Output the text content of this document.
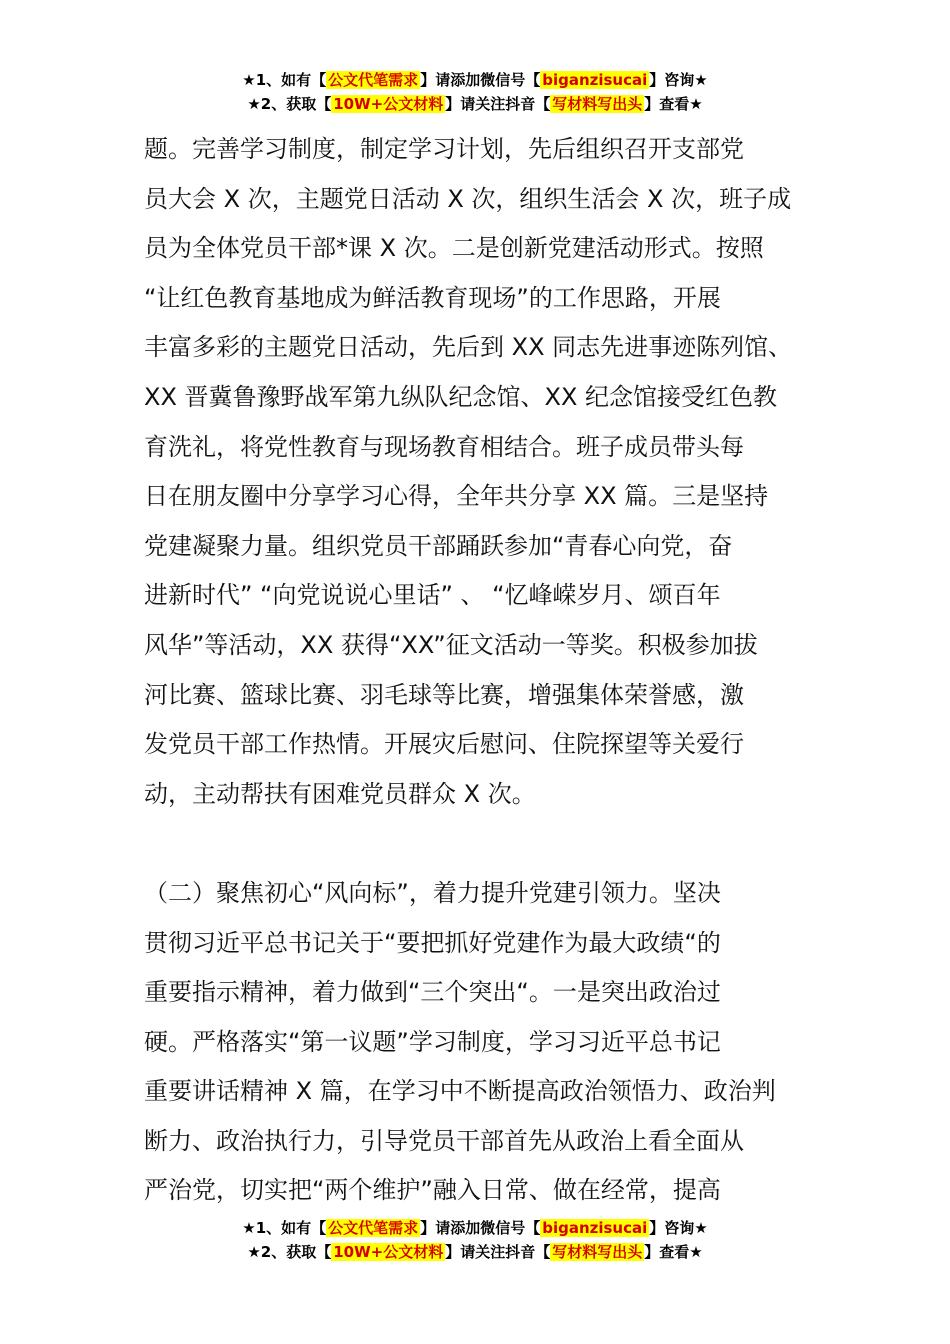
★1、如有【 公文代笔需求 】请添加微信号【 biganzisucai 】咨询★
★2、获取【 10W+公文材料 】请关注抖音【 写材料写出头 】查看★
题。完善学习制度，制定学习计划，先后组织召开支部党
员大会 X 次，主题党日活动 X 次，组织生活会 X 次，班子成
员为全体党员干部*课 X 次。二是创新党建活动形式。按照
“让红色教育基地成为鲜活教育现场”的工作思路，开展
丰富多彩的主题党日活动，先后到 XX 同志先进事迹陈列馆、
XX 晋冀鲁豫野战军第九纵队纪念馆、XX 纪念馆接受红色教
育洗礼，将党性教育与现场教育相结合。班子成员带头每
日在朋友圈中分享学习心得，全年共分享 XX 篇。三是坚持
党建凝聚力量。组织党员干部踊跃参加“青春心向党，奋
进新时代” “向党说说心里话” 、 “忆峰嵘岁月、颂百年
风华”等活动，XX 获得“XX”征文活动一等奖。积极参加拔
河比赛、篮球比赛、羽毛球等比赛，增强集体荣誉感，激
发党员干部工作热情。开展灾后慰问、住院探望等关爱行
动，主动帮扶有困难党员群众 X 次。
（二）聚焦初心“风向标”，着力提升党建引领力。坚决
贯彻习近平总书记关于“要把抓好党建作为最大政绩“的
重要指示精神，着力做到“三个突出“。一是突出政治过
硬。严格落实“第一议题”学习制度，学习习近平总书记
重要讲话精神 X 篇，在学习中不断提高政治领悟力、政治判
断力、政治执行力，引导党员干部首先从政治上看全面从
严治党，切实把“两个维护”融入日常、做在经常，提高
★1、如有【 公文代笔需求 】请添加微信号【 biganzisucai 】咨询★
★2、获取【 10W+公文材料 】请关注抖音【 写材料写出头 】查看★
